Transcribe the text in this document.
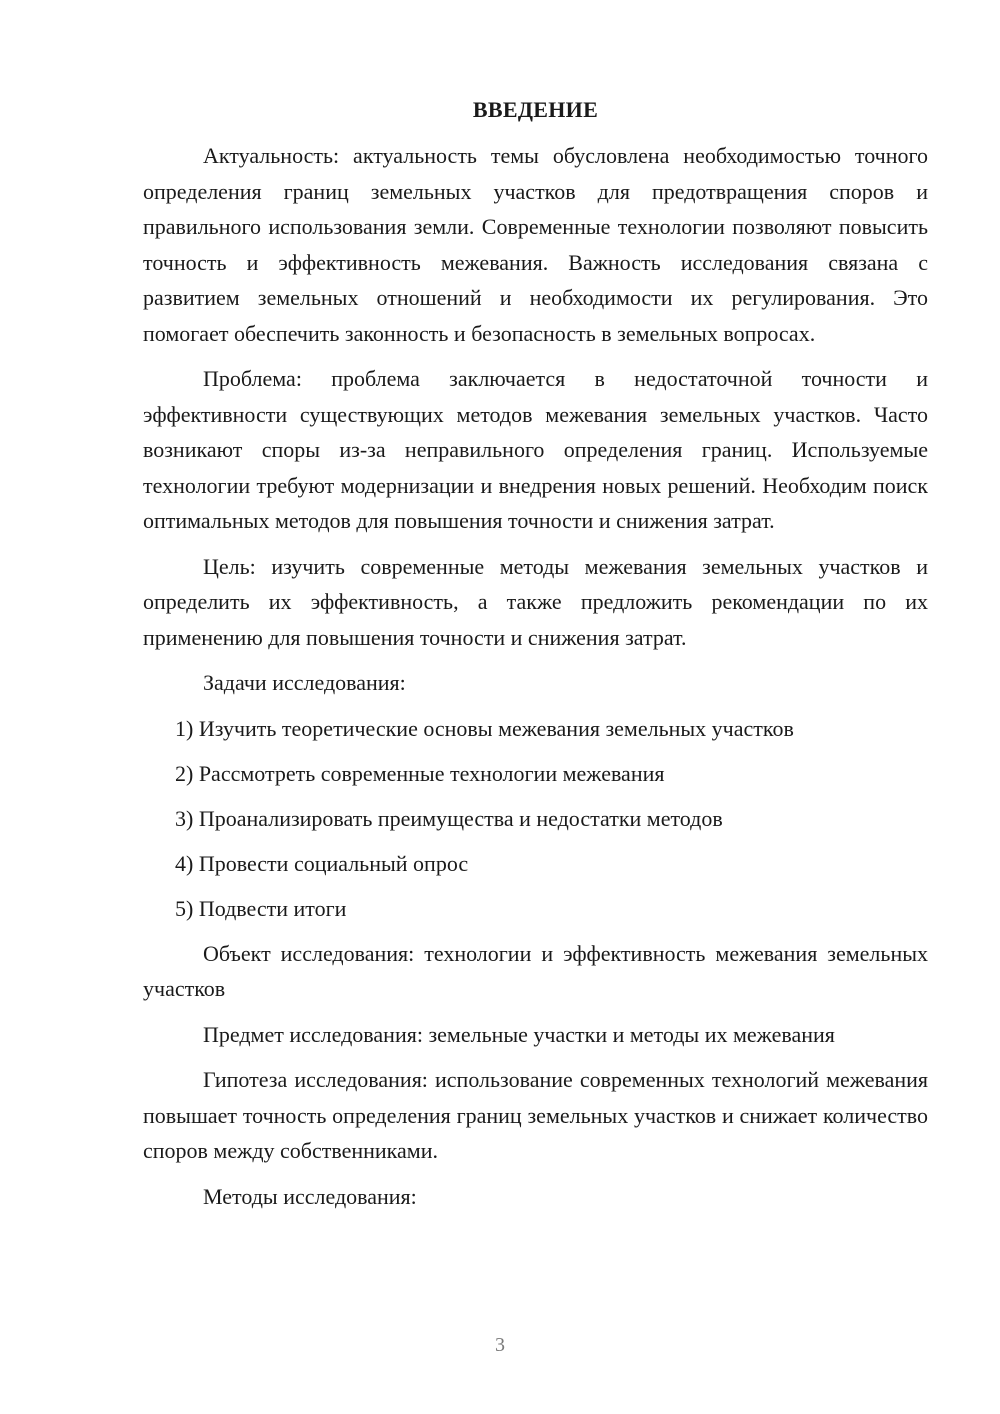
ВВЕДЕНИЕ

Актуальность: актуальность темы обусловлена необходимостью точного определения границ земельных участков для предотвращения споров и правильного использования земли. Современные технологии позволяют повысить точность и эффективность межевания. Важность исследования связана с развитием земельных отношений и необходимости их регулирования. Это помогает обеспечить законность и безопасность в земельных вопросах.

Проблема: проблема заключается в недостаточной точности и эффективности существующих методов межевания земельных участков. Часто возникают споры из-за неправильного определения границ. Используемые технологии требуют модернизации и внедрения новых решений. Необходим поиск оптимальных методов для повышения точности и снижения затрат.

Цель: изучить современные методы межевания земельных участков и определить их эффективность, а также предложить рекомендации по их применению для повышения точности и снижения затрат.

Задачи исследования:

1) Изучить теоретические основы межевания земельных участков
2) Рассмотреть современные технологии межевания
3) Проанализировать преимущества и недостатки методов
4) Провести социальный опрос
5) Подвести итоги

Объект исследования: технологии и эффективность межевания земельных участков

Предмет исследования: земельные участки и методы их межевания

Гипотеза исследования: использование современных технологий межевания повышает точность определения границ земельных участков и снижает количество споров между собственниками.

Методы исследования:

3
